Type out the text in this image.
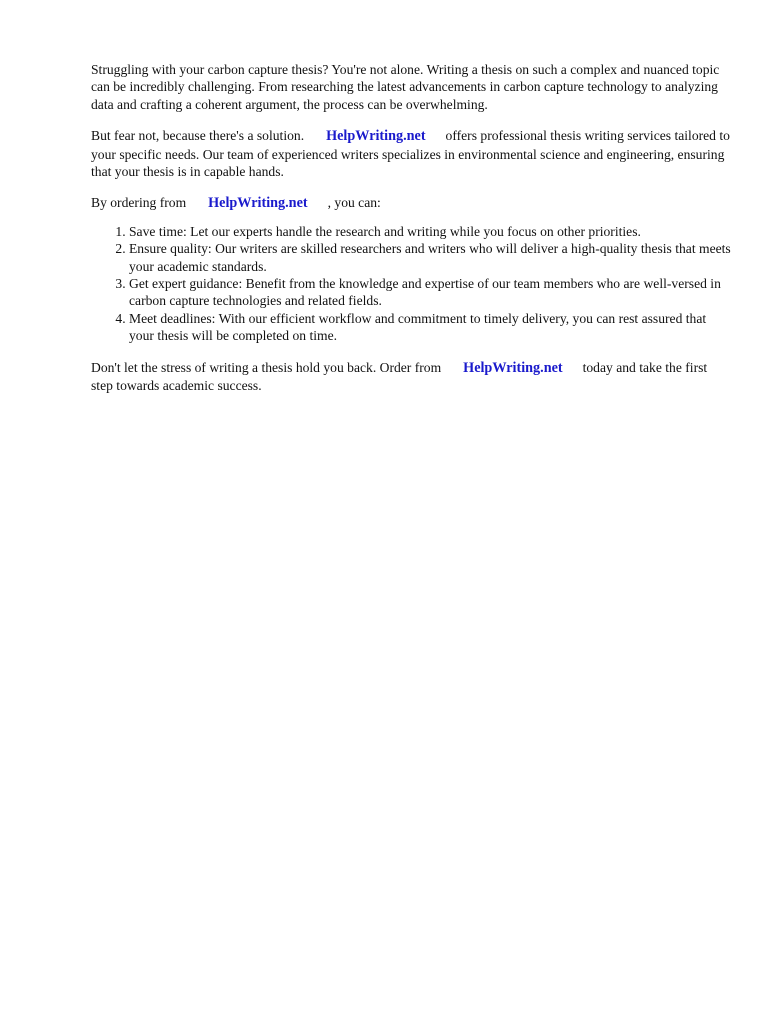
Struggling with your carbon capture thesis? You're not alone. Writing a thesis on such a complex and nuanced topic can be incredibly challenging. From researching the latest advancements in carbon capture technology to analyzing data and crafting a coherent argument, the process can be overwhelming.

But fear not, because there's a solution. HelpWriting.net offers professional thesis writing services tailored to your specific needs. Our team of experienced writers specializes in environmental science and engineering, ensuring that your thesis is in capable hands.

By ordering from HelpWriting.net , you can:

1. Save time: Let our experts handle the research and writing while you focus on other priorities.
2. Ensure quality: Our writers are skilled researchers and writers who will deliver a high-quality thesis that meets your academic standards.
3. Get expert guidance: Benefit from the knowledge and expertise of our team members who are well-versed in carbon capture technologies and related fields.
4. Meet deadlines: With our efficient workflow and commitment to timely delivery, you can rest assured that your thesis will be completed on time.

Don't let the stress of writing a thesis hold you back. Order from HelpWriting.net today and take the first step towards academic success.
